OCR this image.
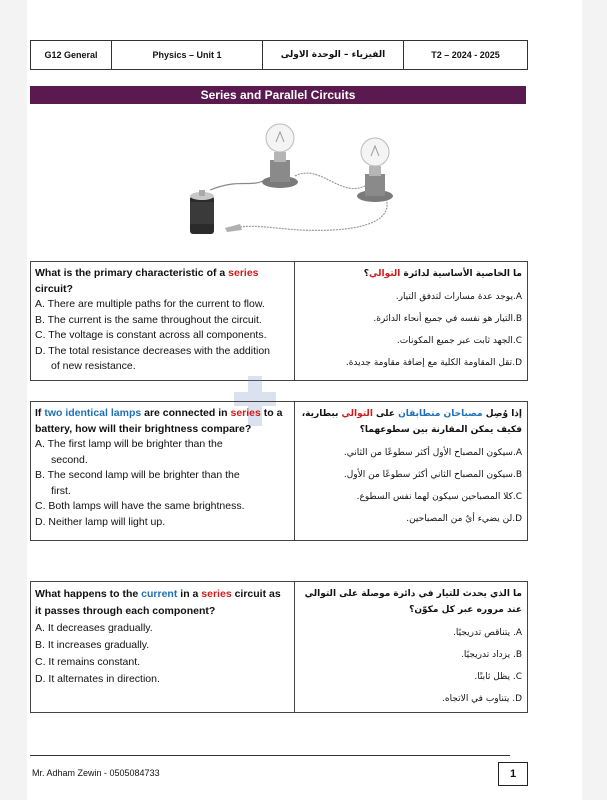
G12 General	Physics – Unit 1	الفيزياء – الوحدة الاولى	T2 – 2024 - 2025
Series and Parallel Circuits
What is the primary characteristic of a series circuit?
A. There are multiple paths for the current to flow.
B. The current is the same throughout the circuit.
C. The voltage is constant across all components.
D. The total resistance decreases with the addition
of new resistance.
ما الخاصية الأساسية لدائرة التوالي؟
A.يوجد عدة مسارات لتدفق التيار.
B.التيار هو نفسه في جميع أنحاء الدائرة.
C.الجهد ثابت عبر جميع المكونات.
D.تقل المقاومة الكلية مع إضافة مقاومة جديدة.
If two identical lamps are connected in series to a battery, how will their brightness compare?
A. The first lamp will be brighter than the
second.
B. The second lamp will be brighter than the
first.
C. Both lamps will have the same brightness.
D. Neither lamp will light up.
إذا وُصِل مصباحان متطابقان على التوالي ببطارية، فكيف يمكن المقارنة بين سطوعهما؟
A.سيكون المصباح الأول أكثر سطوعًا من الثاني.
B.سيكون المصباح الثاني أكثر سطوعًا من الأول.
C.كلا المصباحين سيكون لهما نفس السطوع.
D.لن يضيء أيٌ من المصباحين.
What happens to the current in a series circuit as it passes through each component?
A. It decreases gradually.
B. It increases gradually.
C. It remains constant.
D. It alternates in direction.
ما الذي يحدث للتيار في دائرة موصلة على التوالي عند مروره عبر كل مكوّن؟
A. يتناقص تدريجيًا.
B. يزداد تدريجيًا.
C. يظل ثابتًا.
D. يتناوب في الاتجاه.
Mr. Adham Zewin - 0505084733	1
